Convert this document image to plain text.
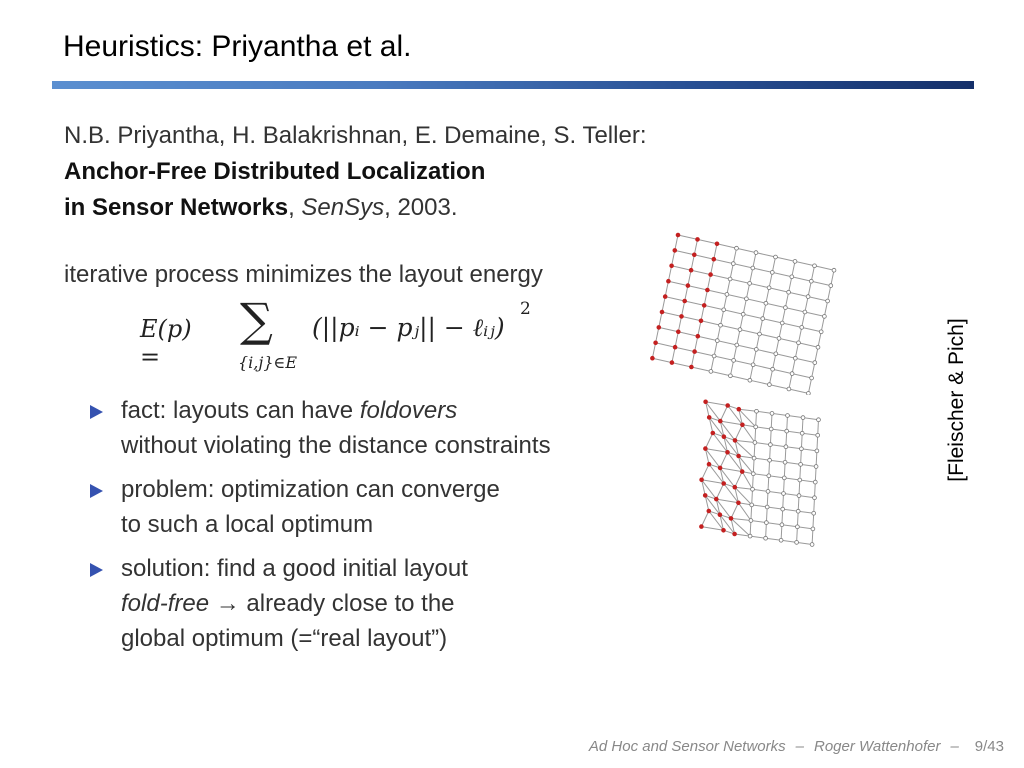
Heuristics: Priyantha et al.
N.B. Priyantha, H. Balakrishnan, E. Demaine, S. Teller:
Anchor-Free Distributed Localization
in Sensor Networks, SenSys, 2003.
iterative process minimizes the layout energy
E(p) =
∑
{i,j}∈E
(||pᵢ − pⱼ|| − ℓᵢⱼ)
2
fact: layouts can have foldovers
without violating the distance constraints
problem: optimization can converge
to such a local optimum
solution: find a good initial layout
fold-free → already close to the
global optimum (=“real layout”)
[Fleischer & Pich]
Ad Hoc and Sensor Networks – Roger Wattenhofer – 9/43
